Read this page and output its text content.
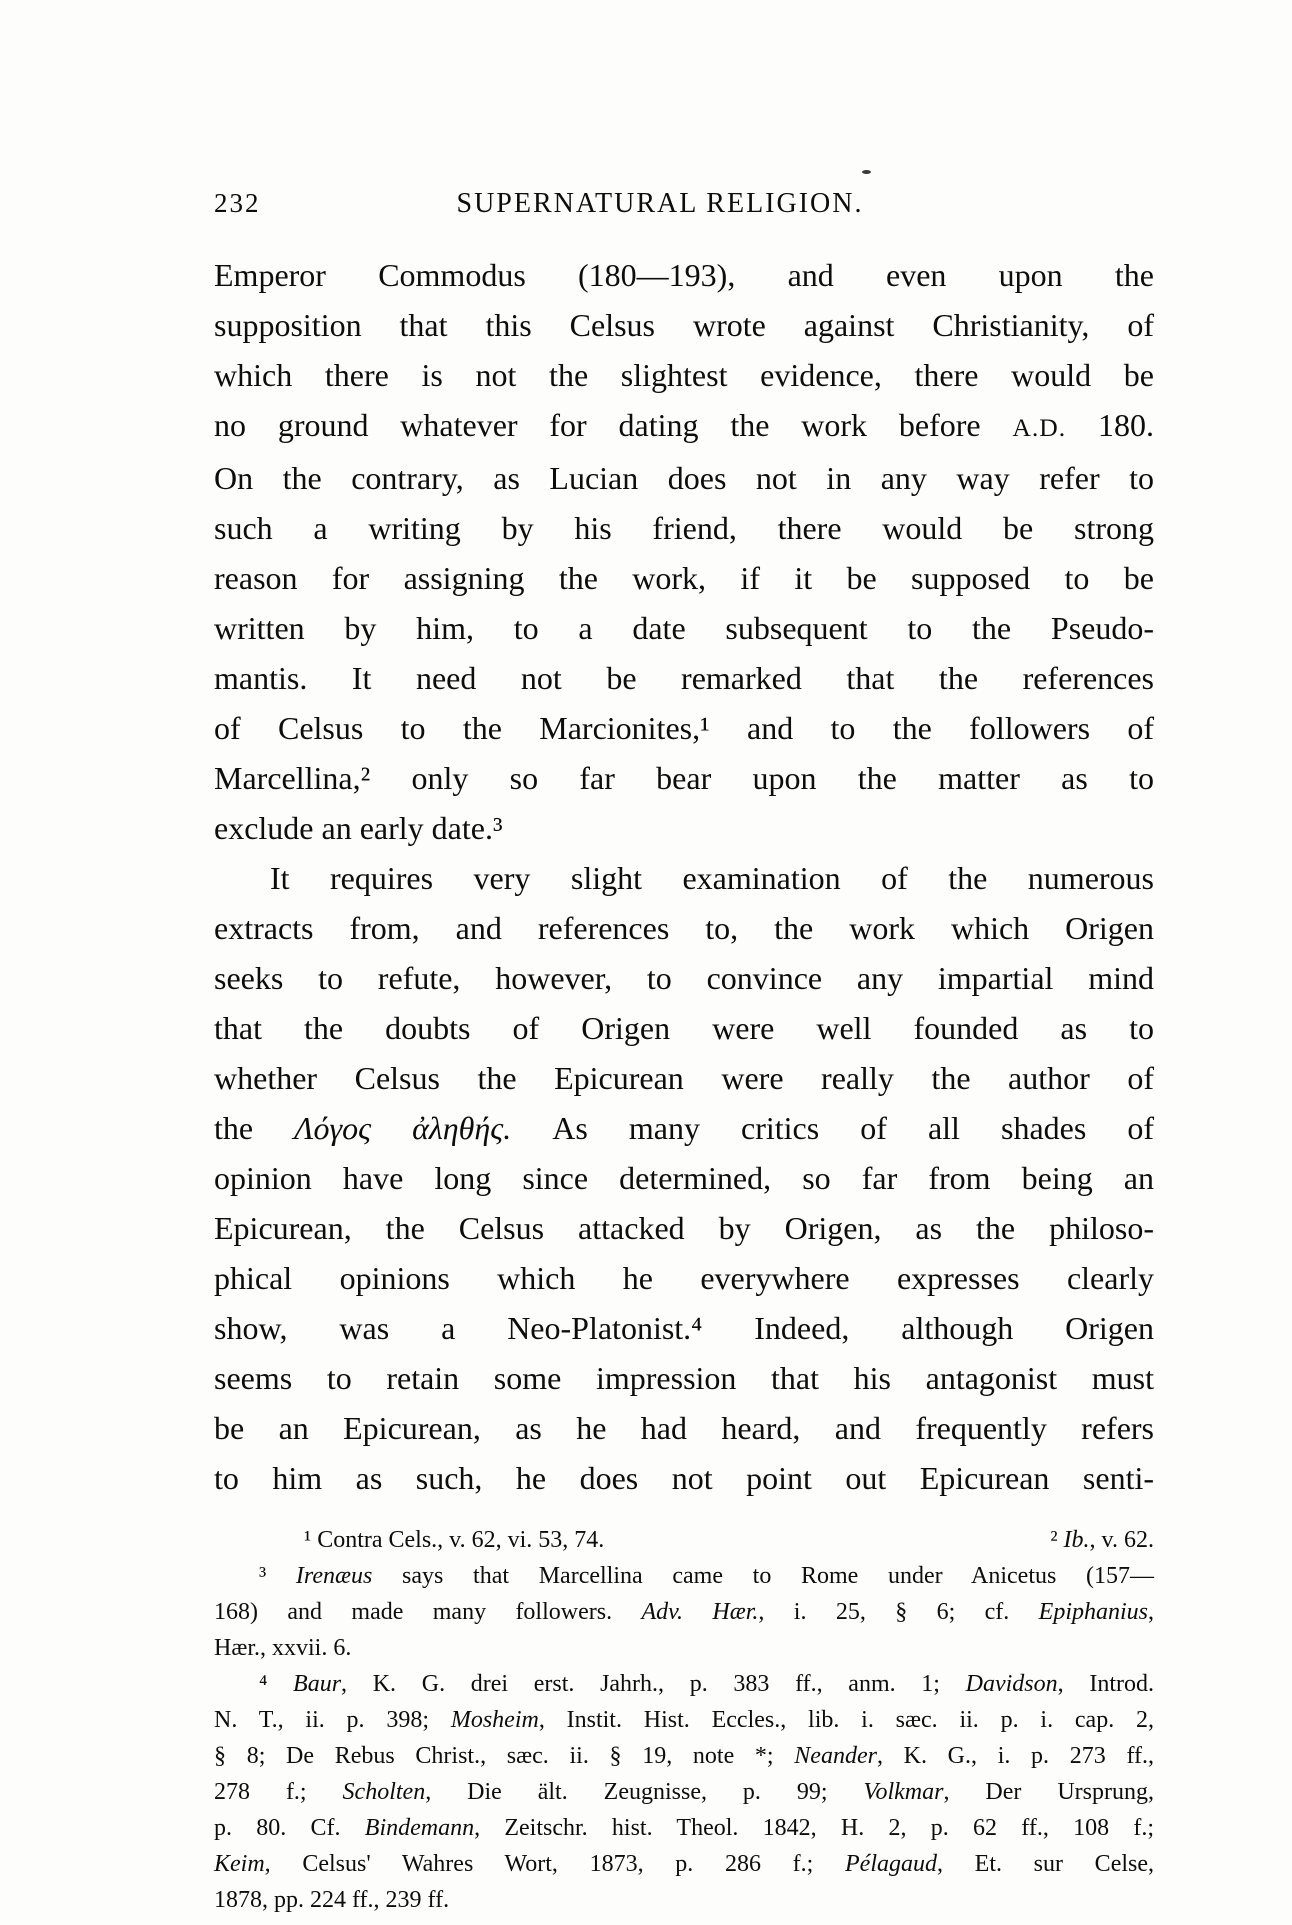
232	SUPERNATURAL RELIGION.
Emperor Commodus (180—193), and even upon the
supposition that this Celsus wrote against Christianity, of
which there is not the slightest evidence, there would be
no ground whatever for dating the work before A.D. 180.
On the contrary, as Lucian does not in any way refer to
such a writing by his friend, there would be strong
reason for assigning the work, if it be supposed to be
written by him, to a date subsequent to the Pseudo-
mantis. It need not be remarked that the references
of Celsus to the Marcionites,¹ and to the followers of
Marcellina,² only so far bear upon the matter as to
exclude an early date.³
It requires very slight examination of the numerous
extracts from, and references to, the work which Origen
seeks to refute, however, to convince any impartial mind
that the doubts of Origen were well founded as to
whether Celsus the Epicurean were really the author of
the Λόγος ἀληθής. As many critics of all shades of
opinion have long since determined, so far from being an
Epicurean, the Celsus attacked by Origen, as the philoso-
phical opinions which he everywhere expresses clearly
show, was a Neo-Platonist.⁴ Indeed, although Origen
seems to retain some impression that his antagonist must
be an Epicurean, as he had heard, and frequently refers
to him as such, he does not point out Epicurean senti-
¹ Contra Cels., v. 62, vi. 53, 74.	² Ib., v. 62.
³ Irenæus says that Marcellina came to Rome under Anicetus (157—
168) and made many followers. Adv. Hær., i. 25, § 6; cf. Epiphanius,
Hær., xxvii. 6.
⁴ Baur, K. G. drei erst. Jahrh., p. 383 ff., anm. 1; Davidson, Introd.
N. T., ii. p. 398; Mosheim, Instit. Hist. Eccles., lib. i. sæc. ii. p. i. cap. 2,
§ 8; De Rebus Christ., sæc. ii. § 19, note *; Neander, K. G., i. p. 273 ff.,
278 f.; Scholten, Die ält. Zeugnisse, p. 99; Volkmar, Der Ursprung,
p. 80. Cf. Bindemann, Zeitschr. hist. Theol. 1842, H. 2, p. 62 ff., 108 f.;
Keim, Celsus' Wahres Wort, 1873, p. 286 f.; Pélagaud, Et. sur Celse,
1878, pp. 224 ff., 239 ff.
